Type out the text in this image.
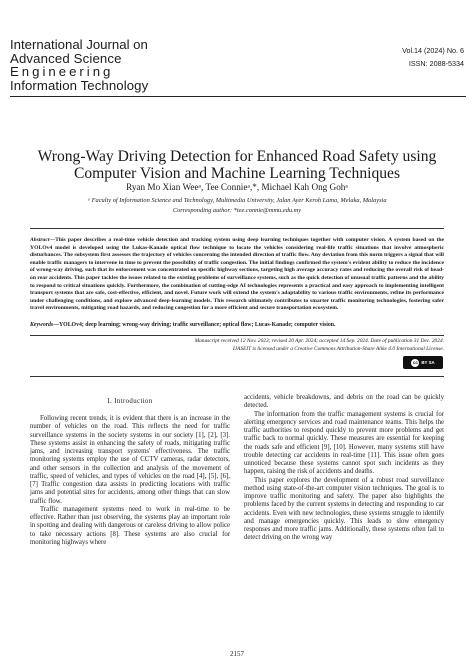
International Journal on
Advanced Science
Engineering
Information Technology
Vol.14 (2024) No. 6
ISSN: 2088-5334
Wrong-Way Driving Detection for Enhanced Road Safety using Computer Vision and Machine Learning Techniques
Ryan Mo Xian Weeᵃ, Tee Connieᵃ,*, Michael Kah Ong Gohᵃ
ᵃ Faculty of Information Science and Technology, Multimedia University, Jalan Ayer Keroh Lama, Melaka, Malaysia
Corresponding author: *tee.connie@mmu.edu.my
Abstract—This paper describes a real-time vehicle detection and tracking system using deep learning techniques together with computer vision. A system based on the YOLOv4 model is developed using the Lukas-Kanade optical flow technique to locate the vehicles considering real-life traffic situations that involve atmospheric disturbances. The subsystem first assesses the trajectory of vehicles concerning the intended direction of traffic flow. Any deviation from this norm triggers a signal that will enable traffic managers to intervene in time to prevent the possibility of traffic congestion. The initial findings confirmed the system's evident ability to reduce the incidence of wrong-way driving, such that its enforcement was concentrated on specific highway sections, targeting high average accuracy rates and reducing the overall risk of head-on rear accidents. This paper tackles the issues related to the existing problems of surveillance systems, such as the quick detection of unusual traffic patterns and the ability to respond to critical situations quickly. Furthermore, the combination of cutting-edge AI technologies represents a practical and easy approach to implementing intelligent transport systems that are safe, cost-effective, efficient, and novel. Future work will extend the system's adaptability to various traffic environments, refine its performance under challenging conditions, and explore advanced deep-learning models. This research ultimately contributes to smarter traffic monitoring technologies, fostering safer travel environments, mitigating road hazards, and reducing congestion for a more efficient and secure transportation ecosystem.
Keywords—YOLOv4; deep learning; wrong-way driving; traffic surveillance; optical flow; Lucas-Kanade; computer vision.
Manuscript received 12 Nov. 2023; revised 20 Apr. 2024; accepted 14 Sep. 2024. Date of publication 31 Dec. 2024.
IJASEIT is licensed under a Creative Commons Attribution-Share Alike 4.0 International License.
cc BY SA
I. Introduction

Following recent trends, it is evident that there is an increase in the number of vehicles on the road. This reflects the need for traffic surveillance systems in the society systems in our society [1], [2], [3]. These systems assist in enhancing the safety of roads, mitigating traffic jams, and increasing transport systems' effectiveness. The traffic monitoring systems employ the use of CCTV cameras, radar detectors, and other sensors in the collection and analysis of the movement of traffic, speed of vehicles, and types of vehicles on the road [4], [5], [6], [7] Traffic congestion data assists in predicting locations with traffic jams and potential sites for accidents, among other things that can slow traffic flow.

Traffic management systems need to work in real-time to be effective. Rather than just observing, the systems play an important role in spotting and dealing with dangerous or careless driving to allow police to take necessary actions [8]. These systems are also crucial for monitoring highways where

accidents, vehicle breakdowns, and debris on the road can be quickly detected.

The information from the traffic management systems is crucial for alerting emergency services and road maintenance teams. This helps the traffic authorities to respond quickly to prevent more problems and get traffic back to normal quickly. These measures are essential for keeping the roads safe and efficient [9], [10]. However, many systems still have trouble detecting car accidents in real-time [11]. This issue often goes unnoticed because these systems cannot spot such incidents as they happen, raising the risk of accidents and deaths.

This paper explores the development of a robust road surveillance method using state-of-the-art computer vision techniques. The goal is to improve traffic monitoring and safety. The paper also highlights the problems faced by the current systems in detecting and responding to car accidents. Even with new technologies, these systems struggle to identify and manage emergencies quickly. This leads to slow emergency responses and more traffic jams. Additionally, these systems often fail to detect driving on the wrong way

2157
